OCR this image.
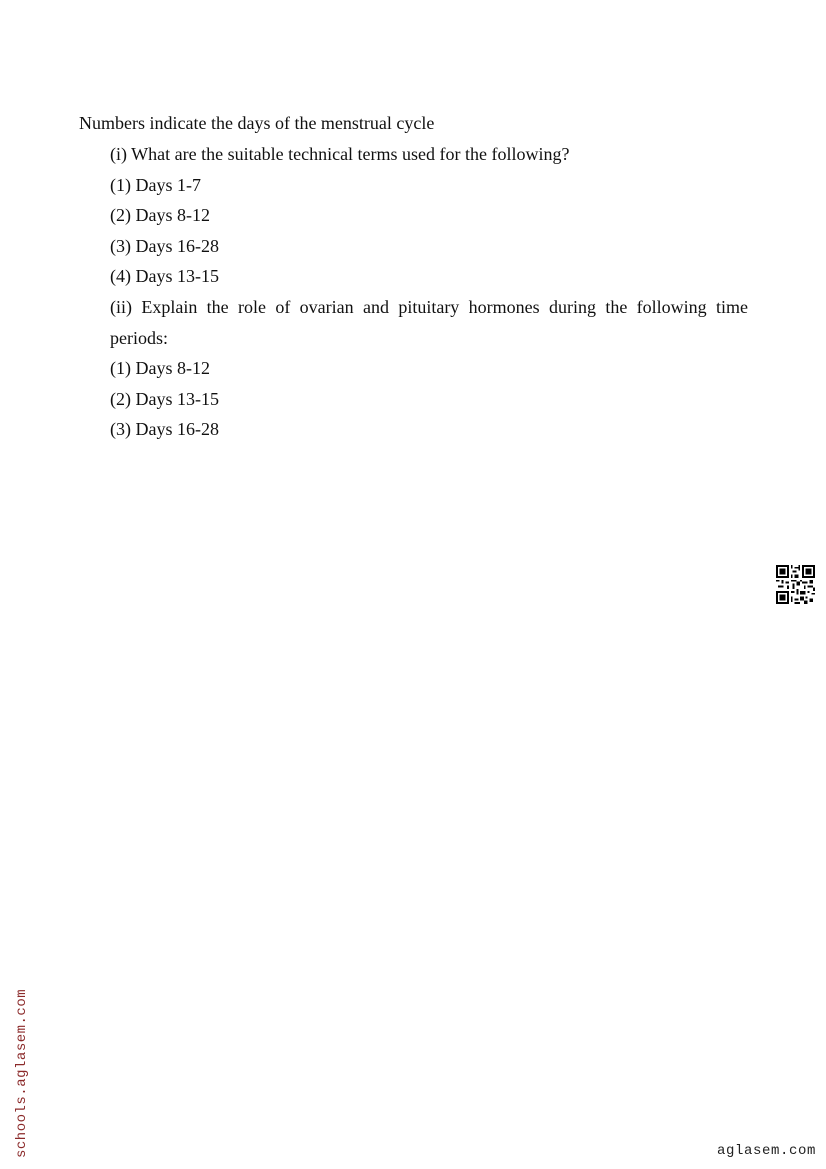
Numbers indicate the days of the menstrual cycle
(i) What are the suitable technical terms used for the following?
(1) Days 1-7
(2) Days 8-12
(3) Days 16-28
(4) Days 13-15
(ii) Explain the role of ovarian and pituitary hormones during the following time
periods:
(1) Days 8-12
(2) Days 13-15
(3) Days 16-28
schools.aglasem.com	aglasem.com
